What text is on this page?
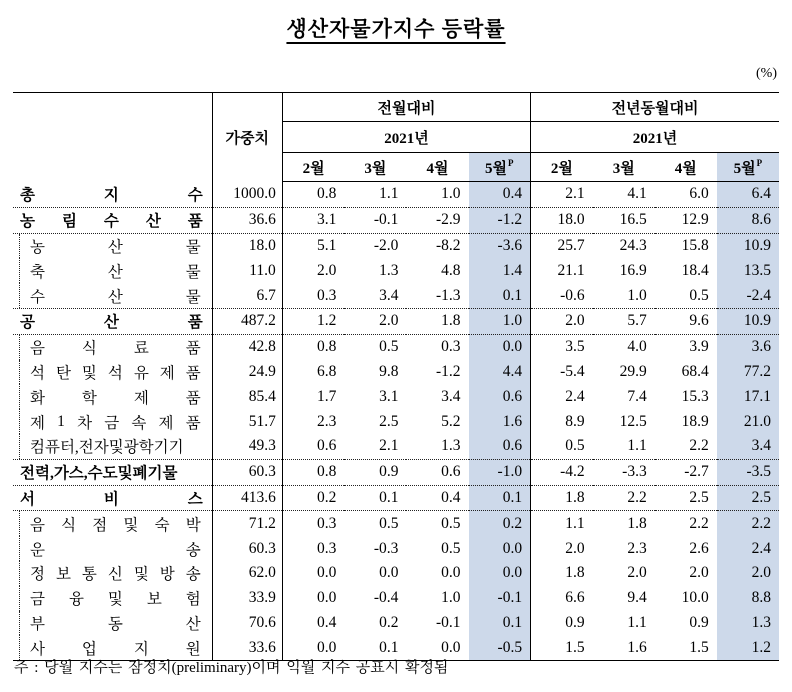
생산자물가지수 등락률
(%)
	가중치	전월대비				전년동월대비			
		2021년				2021년			
		2월	3월	4월	5월$^P$	2월	3월	4월	5월$^P$

총 지 수	1000.0	0.8	1.1	1.0	0.4	2.1	4.1	6.0	6.4

농 림 수 산 품	36.6	3.1	-0.1	-2.9	-1.2	18.0	16.5	12.9	8.6

농 산 물	18.0	5.1	-2.0	-8.2	-3.6	25.7	24.3	15.8	10.9

축 산 물	11.0	2.0	1.3	4.8	1.4	21.1	16.9	18.4	13.5

수 산 물	6.7	0.3	3.4	-1.3	0.1	-0.6	1.0	0.5	-2.4

공 산 품	487.2	1.2	2.0	1.8	1.0	2.0	5.7	9.6	10.9

음 식 료 품	42.8	0.8	0.5	0.3	0.0	3.5	4.0	3.9	3.6

석 탄 및 석 유 제 품	24.9	6.8	9.8	-1.2	4.4	-5.4	29.9	68.4	77.2

화 학 제 품	85.4	1.7	3.1	3.4	0.6	2.4	7.4	15.3	17.1

제 1 차 금 속 제 품	51.7	2.3	2.5	5.2	1.6	8.9	12.5	18.9	21.0

컴퓨터,전자및광학기기	49.3	0.6	2.1	1.3	0.6	0.5	1.1	2.2	3.4

전력,가스,수도및폐기물	60.3	0.8	0.9	0.6	-1.0	-4.2	-3.3	-2.7	-3.5

서 비 스	413.6	0.2	0.1	0.4	0.1	1.8	2.2	2.5	2.5

음 식 점 및 숙 박	71.2	0.3	0.5	0.5	0.2	1.1	1.8	2.2	2.2

운 송	60.3	0.3	-0.3	0.5	0.0	2.0	2.3	2.6	2.4

정 보 통 신 및 방 송	62.0	0.0	0.0	0.0	0.0	1.8	2.0	2.0	2.0

금 융 및 보 험	33.9	0.0	-0.4	1.0	-0.1	6.6	9.4	10.0	8.8

부 동 산	70.6	0.4	0.2	-0.1	0.1	0.9	1.1	0.9	1.3

사 업 지 원	33.6	0.0	0.1	0.0	-0.5	1.5	1.6	1.5	1.2
주 : 당월 지수는 잠정치(preliminary)이며 익월 지수 공표시 확정됨
